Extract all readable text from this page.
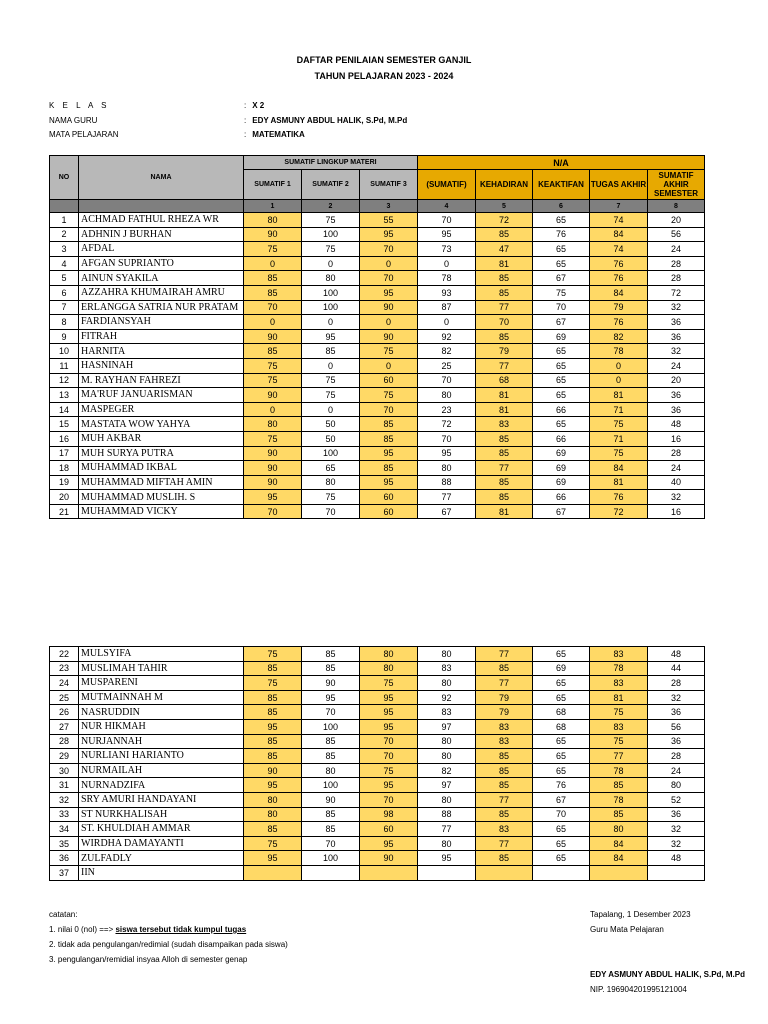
DAFTAR PENILAIAN SEMESTER GANJIL
TAHUN PELAJARAN 2023 - 2024
K E L A S	: X 2
NAMA GURU	: EDY ASMUNY ABDUL HALIK, S.Pd, M.Pd
MATA PELAJARAN	: MATEMATIKA
NO	NAMA	SUMATIF LINGKUP MATERI			N/A				
		SUMATIF 1	SUMATIF 2	SUMATIF 3	(SUMATIF)	KEHADIRAN	KEAKTIFAN	TUGAS AKHIR	SUMATIF AKHIR SEMESTER
		1	2	3	4	5	6	7	8
1	ACHMAD FATHUL RHEZA WR	80	75	55	70	72	65	74	20
2	ADHNIN J BURHAN	90	100	95	95	85	76	84	56
3	AFDAL	75	75	70	73	47	65	74	24
4	AFGAN SUPRIANTO	0	0	0	0	81	65	76	28
5	AINUN SYAKILA	85	80	70	78	85	67	76	28
6	AZZAHRA KHUMAIRAH AMRU	85	100	95	93	85	75	84	72
7	ERLANGGA SATRIA NUR PRATAM	70	100	90	87	77	70	79	32
8	FARDIANSYAH	0	0	0	0	70	67	76	36
9	FITRAH	90	95	90	92	85	69	82	36
10	HARNITA	85	85	75	82	79	65	78	32
11	HASNINAH	75	0	0	25	77	65	0	24
12	M. RAYHAN FAHREZI	75	75	60	70	68	65	0	20
13	MA'RUF JANUARISMAN	90	75	75	80	81	65	81	36
14	MASPEGER	0	0	70	23	81	66	71	36
15	MASTATA WOW YAHYA	80	50	85	72	83	65	75	48
16	MUH AKBAR	75	50	85	70	85	66	71	16
17	MUH SURYA PUTRA	90	100	95	95	85	69	75	28
18	MUHAMMAD IKBAL	90	65	85	80	77	69	84	24
19	MUHAMMAD MIFTAH AMIN	90	80	95	88	85	69	81	40
20	MUHAMMAD MUSLIH. S	95	75	60	77	85	66	76	32
21	MUHAMMAD VICKY	70	70	60	67	81	67	72	16
22	MULSYIFA	75	85	80	80	77	65	83	48
23	MUSLIMAH TAHIR	85	85	80	83	85	69	78	44
24	MUSPARENI	75	90	75	80	77	65	83	28
25	MUTMAINNAH M	85	95	95	92	79	65	81	32
26	NASRUDDIN	85	70	95	83	79	68	75	36
27	NUR HIKMAH	95	100	95	97	83	68	83	56
28	NURJANNAH	85	85	70	80	83	65	75	36
29	NURLIANI HARIANTO	85	85	70	80	85	65	77	28
30	NURMAILAH	90	80	75	82	85	65	78	24
31	NURNADZIFA	95	100	95	97	85	76	85	80
32	SRY AMURI HANDAYANI	80	90	70	80	77	67	78	52
33	ST NURKHALISAH	80	85	98	88	85	70	85	36
34	ST. KHULDIAH AMMAR	85	85	60	77	83	65	80	32
35	WIRDHA DAMAYANTI	75	70	95	80	77	65	84	32
36	ZULFADLY	95	100	90	95	85	65	84	48
37	IIN								
catatan:
1. nilai 0 (nol) ==> siswa tersebut tidak kumpul tugas
2. tidak ada pengulangan/redimial (sudah disampaikan pada siswa)
3. pengulangan/remidial insyaa Alloh di semester genap
Tapalang, 1 Desember 2023
Guru Mata Pelajaran
EDY ASMUNY ABDUL HALIK, S.Pd, M.Pd
NIP. 196904201995121004
